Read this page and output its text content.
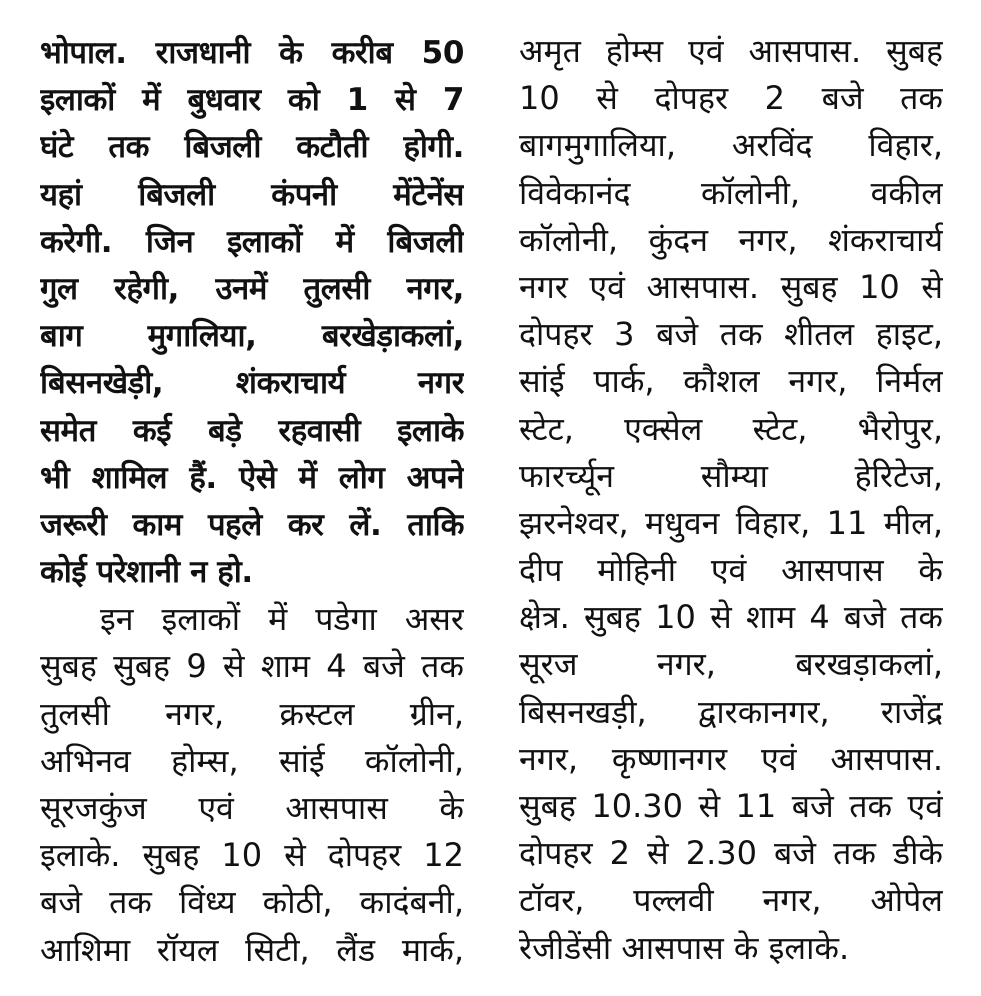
भोपाल. राजधानी के करीब 50
इलाकों में बुधवार को 1 से 7
घंटे तक बिजली कटौती होगी.
यहां बिजली कंपनी मेंटेनेंस
करेगी. जिन इलाकों में बिजली
गुल रहेगी, उनमें तुलसी नगर,
बाग मुगालिया, बरखेड़ाकलां,
बिसनखेड़ी, शंकराचार्य नगर
समेत कई बड़े रहवासी इलाके
भी शामिल हैं. ऐसे में लोग अपने
जरूरी काम पहले कर लें. ताकि
कोई परेशानी न हो.
इन इलाकों में पडेगा असर
सुबह सुबह 9 से शाम 4 बजे तक
तुलसी नगर, क्रस्टल ग्रीन,
अभिनव होम्स, सांई कॉलोनी,
सूरजकुंज एवं आसपास के
इलाके. सुबह 10 से दोपहर 12
बजे तक विंध्य कोठी, कादंबनी,
आशिमा रॉयल सिटी, लैंड मार्क,
अमृत होम्स एवं आसपास. सुबह
10 से दोपहर 2 बजे तक
बागमुगालिया, अरविंद विहार,
विवेकानंद कॉलोनी, वकील
कॉलोनी, कुंदन नगर, शंकराचार्य
नगर एवं आसपास. सुबह 10 से
दोपहर 3 बजे तक शीतल हाइट,
सांई पार्क, कौशल नगर, निर्मल
स्टेट, एक्सेल स्टेट, भैरोपुर,
फारर्च्यून सौम्या हेरिटेज,
झरनेश्वर, मधुवन विहार, 11 मील,
दीप मोहिनी एवं आसपास के
क्षेत्र. सुबह 10 से शाम 4 बजे तक
सूरज नगर, बरखड़ाकलां,
बिसनखड़ी, द्वारकानगर, राजेंद्र
नगर, कृष्णानगर एवं आसपास.
सुबह 10.30 से 11 बजे तक एवं
दोपहर 2 से 2.30 बजे तक डीके
टॉवर, पल्लवी नगर, ओपेल
रेजीडेंसी आसपास के इलाके.
